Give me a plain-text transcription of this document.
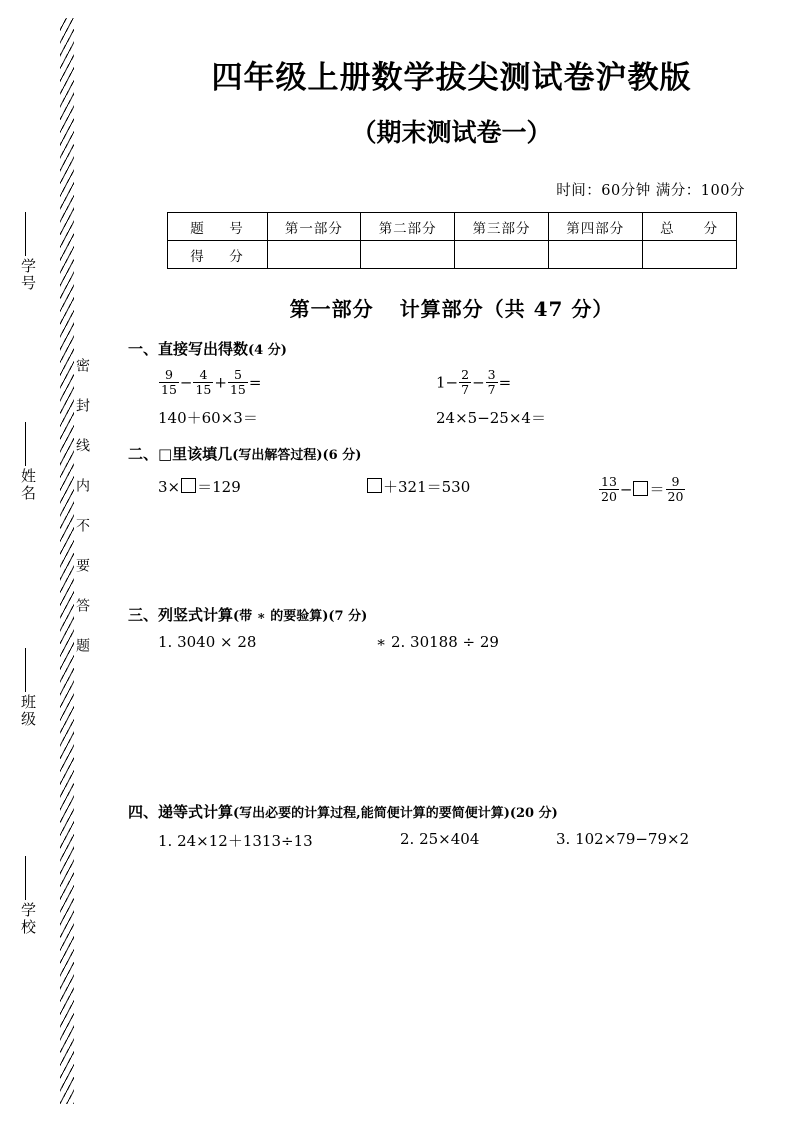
学号
姓名
班级
学校
密封线内不要答题
四年级上册数学拔尖测试卷沪教版
（期末测试卷一）
时间：60分钟 满分：100分
题　号	第一部分	第二部分	第三部分	第四部分	总　　分
得　分					
第一部分 计算部分（共 47 分）
一、直接写出得数(4 分)
$\frac{9}{15} - \frac{4}{15} + \frac{5}{15}$ =	$1- \frac{2}{7} - \frac{3}{7}$ =
140＋60×3＝	24×5−25×4＝
二、□里该填几(写出解答过程)(6 分)
3× ＝129	＋321＝530	$\frac{13}{20}$ − ＝ $\frac{9}{20}$
三、列竖式计算(带 ∗ 的要验算)(7 分)
1. 3040 × 28	∗ 2. 30188 ÷ 29
四、递等式计算(写出必要的计算过程,能简便计算的要简便计算)(20 分)
1. 24×12＋1313÷13	2. 25×404	3. 102×79−79×2
